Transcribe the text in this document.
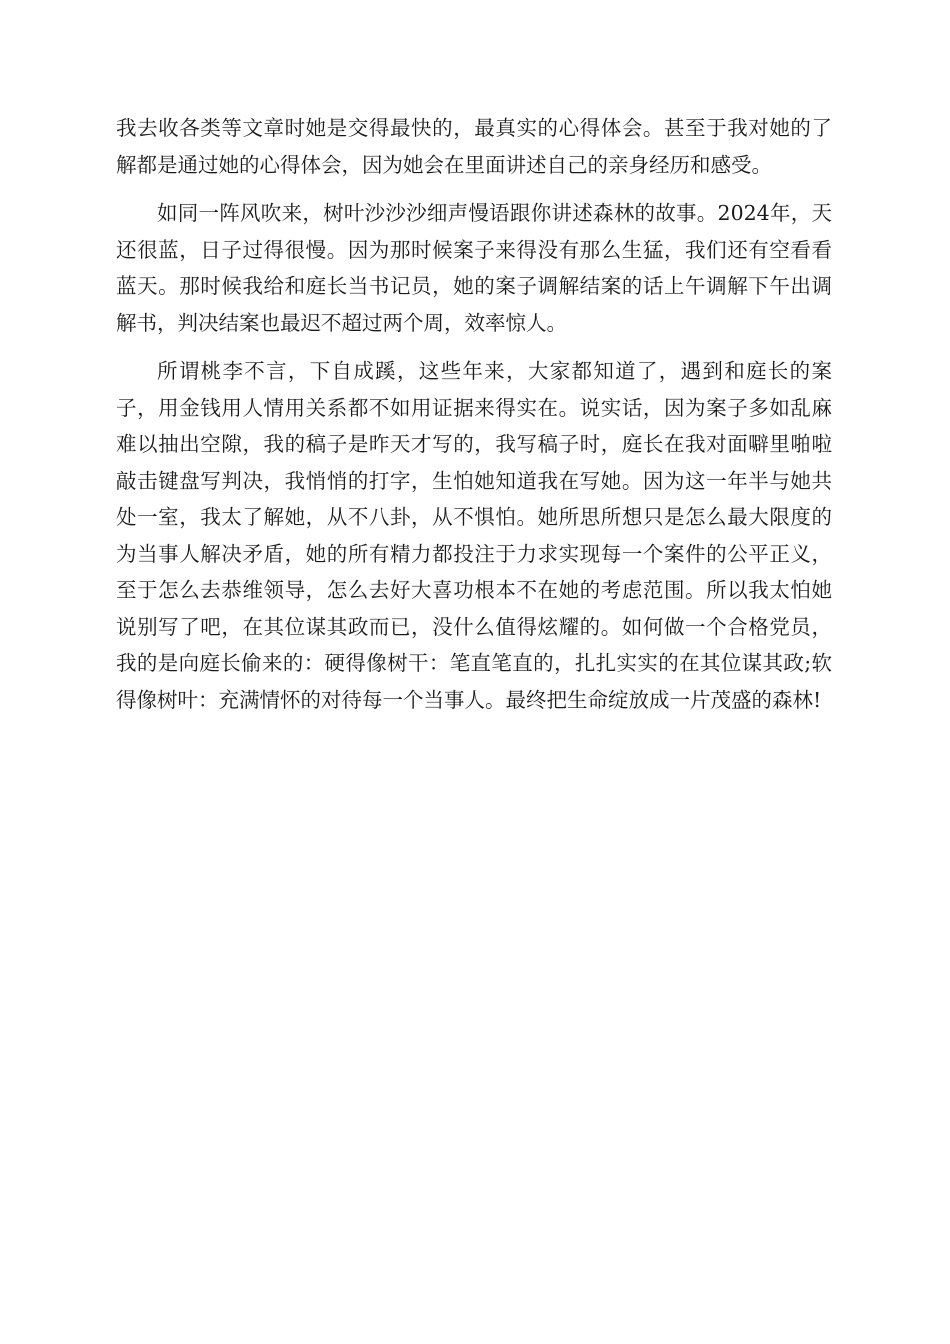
我去收各类等文章时她是交得最快的，最真实的心得体会。甚至于我对她的了解都是通过她的心得体会，因为她会在里面讲述自己的亲身经历和感受。

如同一阵风吹来，树叶沙沙沙细声慢语跟你讲述森林的故事。2024年，天还很蓝，日子过得很慢。因为那时候案子来得没有那么生猛，我们还有空看看蓝天。那时候我给和庭长当书记员，她的案子调解结案的话上午调解下午出调解书，判决结案也最迟不超过两个周，效率惊人。

所谓桃李不言，下自成蹊，这些年来，大家都知道了，遇到和庭长的案子，用金钱用人情用关系都不如用证据来得实在。说实话，因为案子多如乱麻难以抽出空隙，我的稿子是昨天才写的，我写稿子时，庭长在我对面噼里啪啦敲击键盘写判决，我悄悄的打字，生怕她知道我在写她。因为这一年半与她共处一室，我太了解她，从不八卦，从不惧怕。她所思所想只是怎么最大限度的为当事人解决矛盾，她的所有精力都投注于力求实现每一个案件的公平正义，至于怎么去恭维领导，怎么去好大喜功根本不在她的考虑范围。所以我太怕她说别写了吧，在其位谋其政而已，没什么值得炫耀的。如何做一个合格党员，我的是向庭长偷来的：硬得像树干：笔直笔直的，扎扎实实的在其位谋其政;软得像树叶：充满情怀的对待每一个当事人。最终把生命绽放成一片茂盛的森林!
